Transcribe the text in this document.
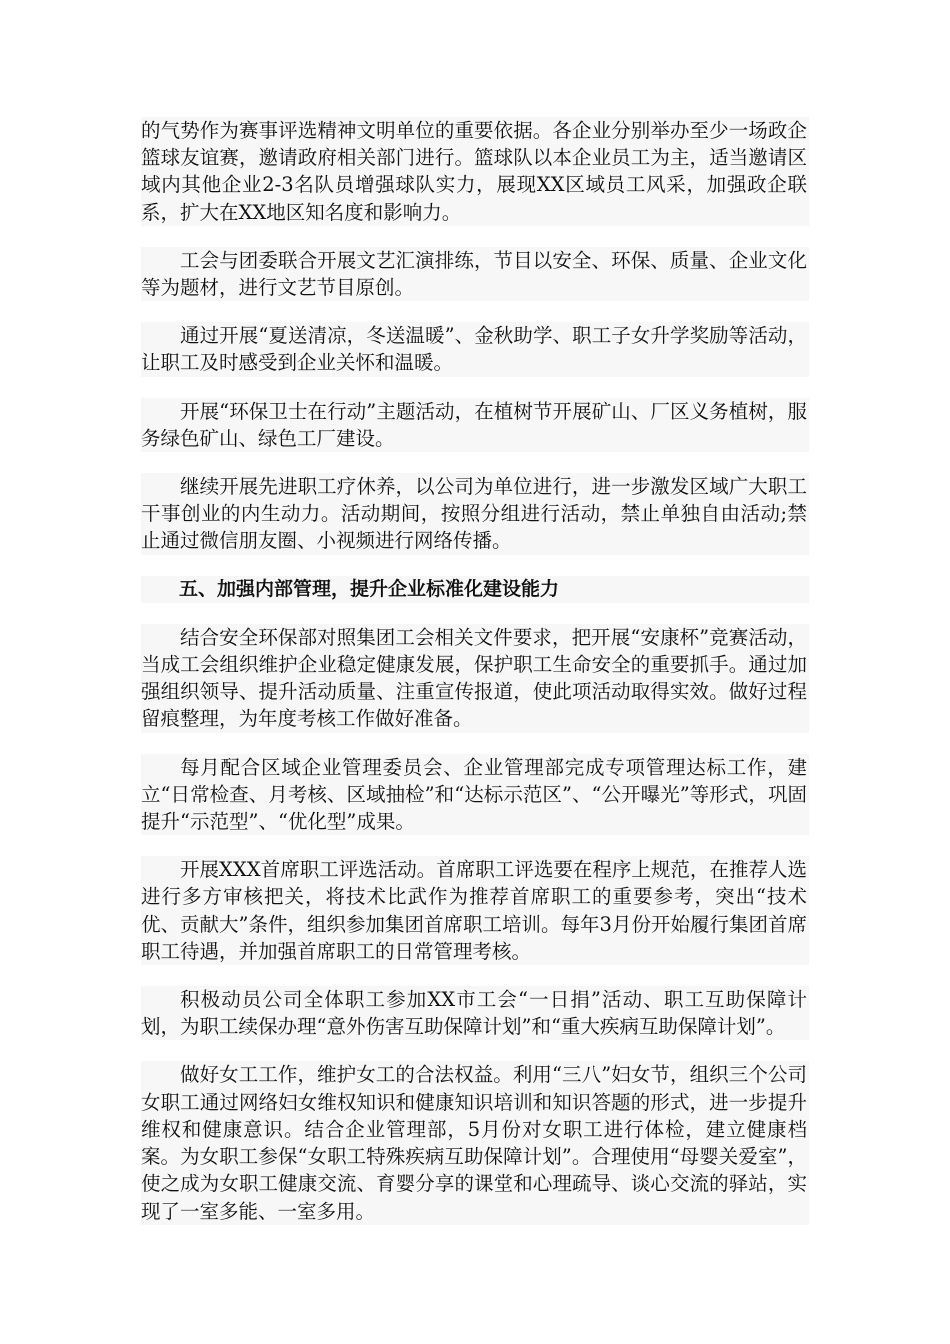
的气势作为赛事评选精神文明单位的重要依据。各企业分别举办至少一场政企篮球友谊赛，邀请政府相关部门进行。篮球队以本企业员工为主，适当邀请区域内其他企业2-3名队员增强球队实力，展现XX区域员工风采，加强政企联系，扩大在XX地区知名度和影响力。

工会与团委联合开展文艺汇演排练，节目以安全、环保、质量、企业文化等为题材，进行文艺节目原创。

通过开展“夏送清凉，冬送温暖”、金秋助学、职工子女升学奖励等活动，让职工及时感受到企业关怀和温暖。

开展“环保卫士在行动”主题活动，在植树节开展矿山、厂区义务植树，服务绿色矿山、绿色工厂建设。

继续开展先进职工疗休养，以公司为单位进行，进一步激发区域广大职工干事创业的内生动力。活动期间，按照分组进行活动，禁止单独自由活动;禁止通过微信朋友圈、小视频进行网络传播。

五、加强内部管理，提升企业标准化建设能力

结合安全环保部对照集团工会相关文件要求，把开展“安康杯”竞赛活动，当成工会组织维护企业稳定健康发展，保护职工生命安全的重要抓手。通过加强组织领导、提升活动质量、注重宣传报道，使此项活动取得实效。做好过程留痕整理，为年度考核工作做好准备。

每月配合区域企业管理委员会、企业管理部完成专项管理达标工作，建立“日常检查、月考核、区域抽检”和“达标示范区”、“公开曝光”等形式，巩固提升“示范型”、“优化型”成果。

开展XXX首席职工评选活动。首席职工评选要在程序上规范，在推荐人选进行多方审核把关，将技术比武作为推荐首席职工的重要参考，突出“技术优、贡献大”条件，组织参加集团首席职工培训。每年3月份开始履行集团首席职工待遇，并加强首席职工的日常管理考核。

积极动员公司全体职工参加XX市工会“一日捐”活动、职工互助保障计划，为职工续保办理“意外伤害互助保障计划”和“重大疾病互助保障计划”。

做好女工工作，维护女工的合法权益。利用“三八”妇女节，组织三个公司女职工通过网络妇女维权知识和健康知识培训和知识答题的形式，进一步提升维权和健康意识。结合企业管理部，5月份对女职工进行体检，建立健康档案。为女职工参保“女职工特殊疾病互助保障计划”。合理使用“母婴关爱室”，使之成为女职工健康交流、育婴分享的课堂和心理疏导、谈心交流的驿站，实现了一室多能、一室多用。
